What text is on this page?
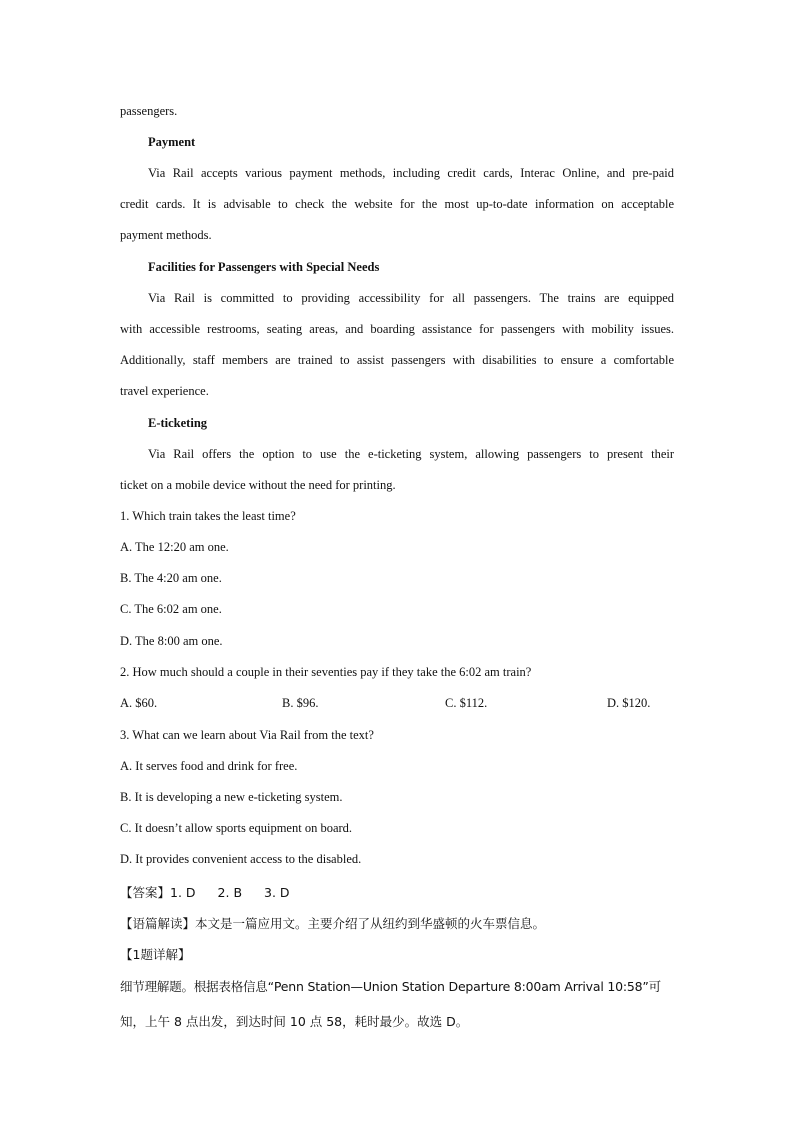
passengers.
Payment
Via Rail accepts various payment methods, including credit cards, Interac Online, and pre-paid
credit cards. It is advisable to check the website for the most up-to-date information on acceptable
payment methods.
Facilities for Passengers with Special Needs
Via Rail is committed to providing accessibility for all passengers. The trains are equipped
with accessible restrooms, seating areas, and boarding assistance for passengers with mobility issues.
Additionally, staff members are trained to assist passengers with disabilities to ensure a comfortable
travel experience.
E-ticketing
Via Rail offers the option to use the e-ticketing system, allowing passengers to present their
ticket on a mobile device without the need for printing.
1. Which train takes the least time?
A. The 12:20 am one.
B. The 4:20 am one.
C. The 6:02 am one.
D. The 8:00 am one.
2. How much should a couple in their seventies pay if they take the 6:02 am train?
A. $60.	B. $96.	C. $112.	D. $120.
3. What can we learn about Via Rail from the text?
A. It serves food and drink for free.
B. It is developing a new e-ticketing system.
C. It doesn’t allow sports equipment on board.
D. It provides convenient access to the disabled.
【答案】1. D 2. B 3. D
【语篇解读】本文是一篇应用文。主要介绍了从纽约到华盛顿的火车票信息。
【1题详解】
细节理解题。根据表格信息“Penn Station—Union Station Departure 8:00am Arrival 10:58”可
知，上午 8 点出发，到达时间 10 点 58，耗时最少。故选 D。
